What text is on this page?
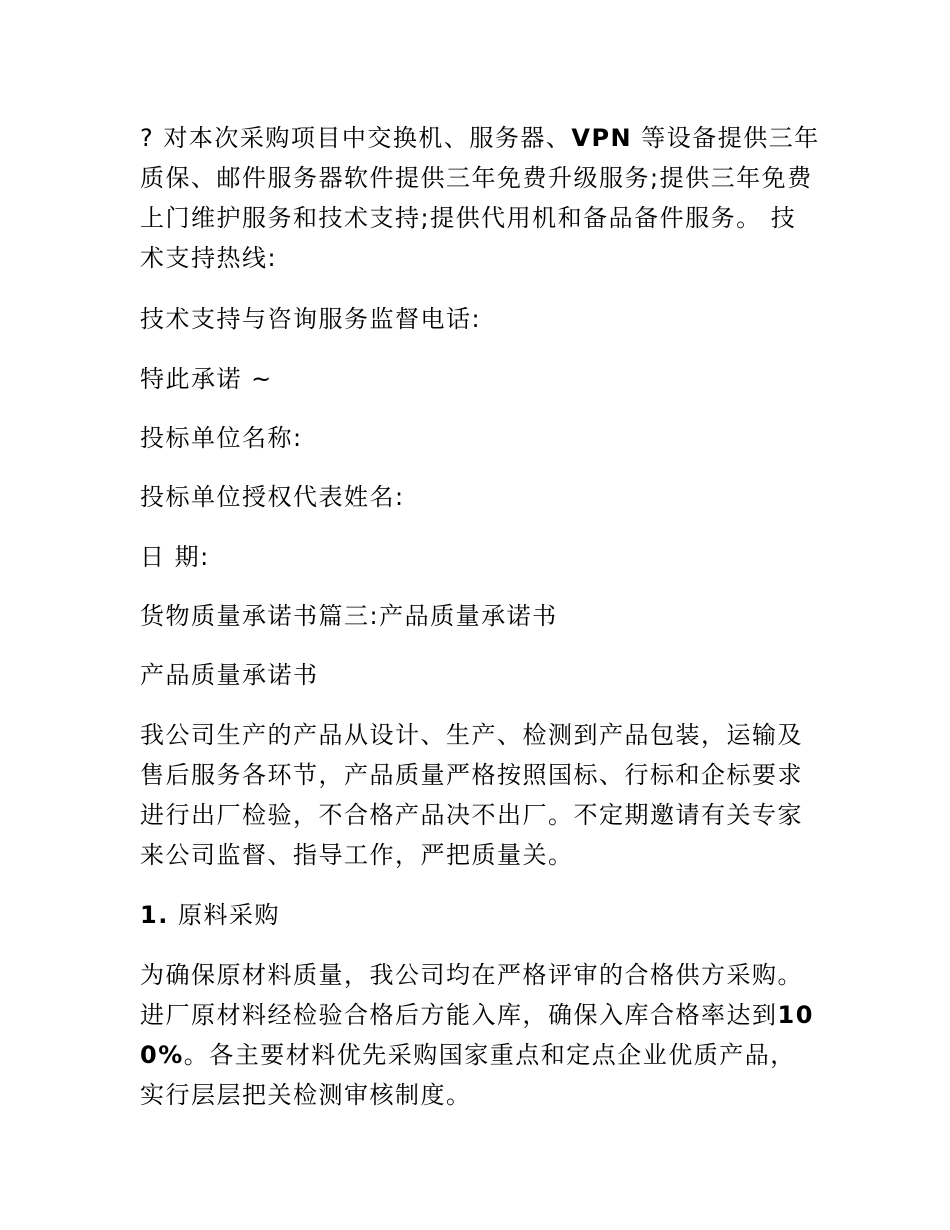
? 对本次采购项目中交换机、服务器、VPN 等设备提供三年质保、邮件服务器软件提供三年免费升级服务;提供三年免费上门维护服务和技术支持;提供代用机和备品备件服务。 技术支持热线:

技术支持与咨询服务监督电话:

特此承诺 ~

投标单位名称:

投标单位授权代表姓名:

日 期:

货物质量承诺书篇三:产品质量承诺书

产品质量承诺书

我公司生产的产品从设计、生产、检测到产品包装，运输及售后服务各环节，产品质量严格按照国标、行标和企标要求进行出厂检验，不合格产品决不出厂。不定期邀请有关专家来公司监督、指导工作，严把质量关。

1. 原料采购

为确保原材料质量，我公司均在严格评审的合格供方采购。进厂原材料经检验合格后方能入库，确保入库合格率达到100%。各主要材料优先采购国家重点和定点企业优质产品，实行层层把关检测审核制度。
